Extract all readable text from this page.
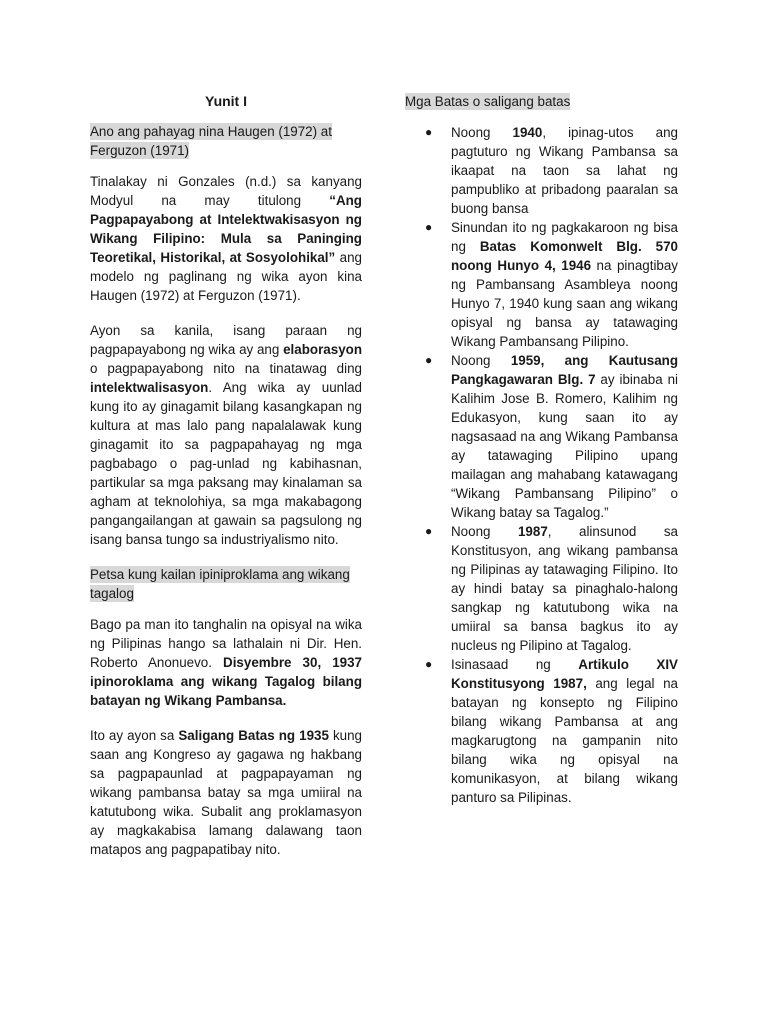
Yunit I
Ano ang pahayag nina Haugen (1972) at Ferguzon (1971)

Tinalakay ni Gonzales (n.d.) sa kanyang Modyul na may titulong “Ang Pagpapayabong at Intelektwakisasyon ng Wikang Filipino: Mula sa Paninging Teoretikal, Historikal, at Sosyolohikal” ang modelo ng paglinang ng wika ayon kina Haugen (1972) at Ferguzon (1971).

Ayon sa kanila, isang paraan ng pagpapayabong ng wika ay ang elaborasyon o pagpapayabong nito na tinatawag ding intelektwalisasyon. Ang wika ay uunlad kung ito ay ginagamit bilang kasangkapan ng kultura at mas lalo pang napalalawak kung ginagamit ito sa pagpapahayag ng mga pagbabago o pag-unlad ng kabihasnan, partikular sa mga paksang may kinalaman sa agham at teknolohiya, sa mga makabagong pangangailangan at gawain sa pagsulong ng isang bansa tungo sa industriyalismo nito.

Petsa kung kailan ipiniproklama ang wikang tagalog

Bago pa man ito tanghalin na opisyal na wika ng Pilipinas hango sa lathalain ni Dir. Hen. Roberto Anonuevo. Disyembre 30, 1937 ipinoroklama ang wikang Tagalog bilang batayan ng Wikang Pambansa.

Ito ay ayon sa Saligang Batas ng 1935 kung saan ang Kongreso ay gagawa ng hakbang sa pagpapaunlad at pagpapayaman ng wikang pambansa batay sa mga umiiral na katutubong wika. Subalit ang proklamasyon ay magkakabisa lamang dalawang taon matapos ang pagpapatibay nito.

Mga Batas o saligang batas
● Noong 1940, ipinag-utos ang pagtuturo ng Wikang Pambansa sa ikaapat na taon sa lahat ng pampubliko at pribadong paaralan sa buong bansa
● Sinundan ito ng pagkakaroon ng bisa ng Batas Komonwelt Blg. 570 noong Hunyo 4, 1946 na pinagtibay ng Pambansang Asambleya noong Hunyo 7, 1940 kung saan ang wikang opisyal ng bansa ay tatawaging Wikang Pambansang Pilipino.
● Noong 1959, ang Kautusang Pangkagawaran Blg. 7 ay ibinaba ni Kalihim Jose B. Romero, Kalihim ng Edukasyon, kung saan ito ay nagsasaad na ang Wikang Pambansa ay tatawaging Pilipino upang mailagan ang mahabang katawagang “Wikang Pambansang Pilipino” o Wikang batay sa Tagalog.”
● Noong 1987, alinsunod sa Konstitusyon, ang wikang pambansa ng Pilipinas ay tatawaging Filipino. Ito ay hindi batay sa pinaghalo-halong sangkap ng katutubong wika na umiiral sa bansa bagkus ito ay nucleus ng Pilipino at Tagalog.
● Isinasaad ng Artikulo XIV Konstitusyong 1987, ang legal na batayan ng konsepto ng Filipino bilang wikang Pambansa at ang magkarugtong na gampanin nito bilang wika ng opisyal na komunikasyon, at bilang wikang panturo sa Pilipinas.
